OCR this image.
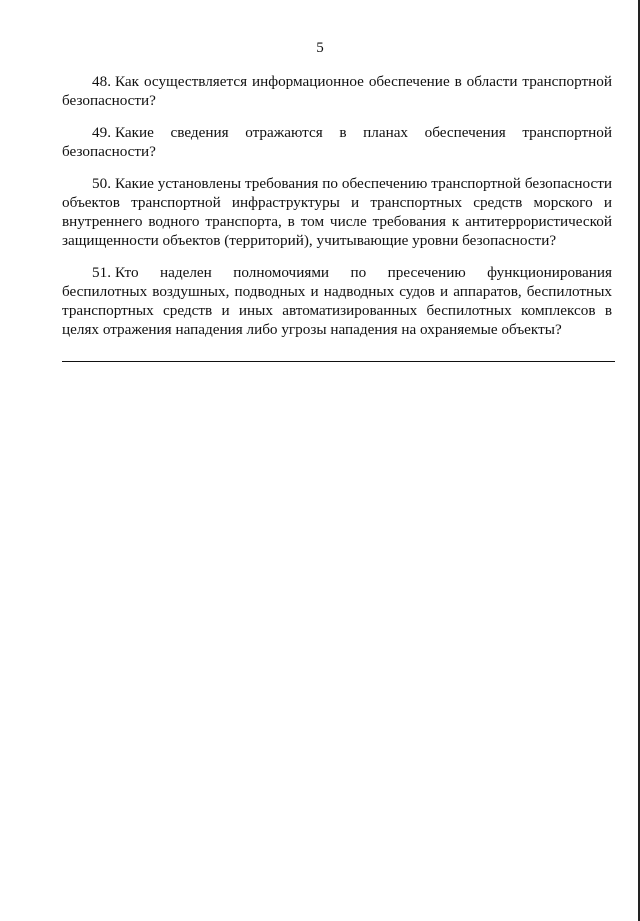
5

48. Как осуществляется информационное обеспечение в области транспортной безопасности?

49. Какие сведения отражаются в планах обеспечения транспортной безопасности?

50. Какие установлены требования по обеспечению транспортной безопасности объектов транспортной инфраструктуры и транспортных средств морского и внутреннего водного транспорта, в том числе требования к антитеррористической защищенности объектов (территорий), учитывающие уровни безопасности?

51. Кто наделен полномочиями по пресечению функционирования беспилотных воздушных, подводных и надводных судов и аппаратов, беспилотных транспортных средств и иных автоматизированных беспилотных комплексов в целях отражения нападения либо угрозы нападения на охраняемые объекты?
